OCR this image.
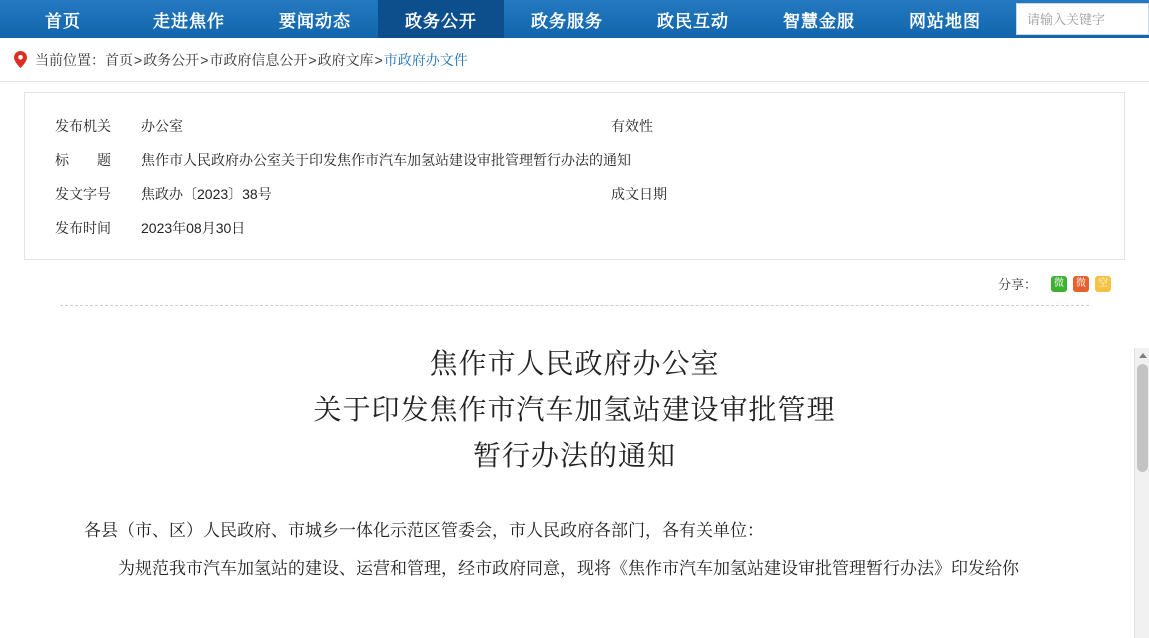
首页	走进焦作	要闻动态	政务公开	政务服务	政民互动	智慧金服	网站地图
请输入关键字
当前位置： 首页 > 政务公开 > 市政府信息公开 > 政府文库 > 市政府办文件
发布机关	办公室	有效性	
标　　题	焦作市人民政府办公室关于印发焦作市汽车加氢站建设审批管理暂行办法的通知		
发文字号	焦政办〔2023〕38号	成文日期	
发布时间	2023年08月30日		
分享：	微	微	空
焦作市人民政府办公室
关于印发焦作市汽车加氢站建设审批管理
暂行办法的通知

各县（市、区）人民政府、市城乡一体化示范区管委会，市人民政府各部门，各有关单位：

为规范我市汽车加氢站的建设、运营和管理，经市政府同意，现将《焦作市汽车加氢站建设审批管理暂行办法》印发给你
